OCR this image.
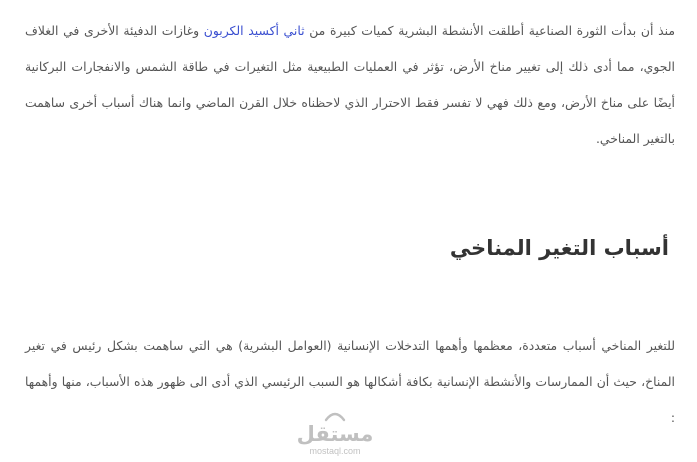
منذ أن بدأت الثورة الصناعية أطلقت الأنشطة البشرية كميات كبيرة من ثاني أكسيد الكربون وغازات الدفيئة الأخرى في الغلاف الجوي، مما أدى ذلك إلى تغيير مناخ الأرض، تؤثر في العمليات الطبيعية مثل التغيرات في طاقة الشمس والانفجارات البركانية أيضًا على مناخ الأرض، ومع ذلك فهي لا تفسر فقط الاحترار الذي لاحظناه خلال القرن الماضي وانما هناك أسباب أخرى ساهمت بالتغير المناخي.

أسباب التغير المناخي

للتغير المناخي أسباب متعددة، معظمها وأهمها التدخلات الإنسانية (العوامل البشرية) هي التي ساهمت بشكل رئيس في تغير المناخ، حيث أن الممارسات والأنشطة الإنسانية بكافة أشكالها هو السبب الرئيسي الذي أدى الى ظهور هذه الأسباب، منها وأهمها :

مستقل
mostaql.com
